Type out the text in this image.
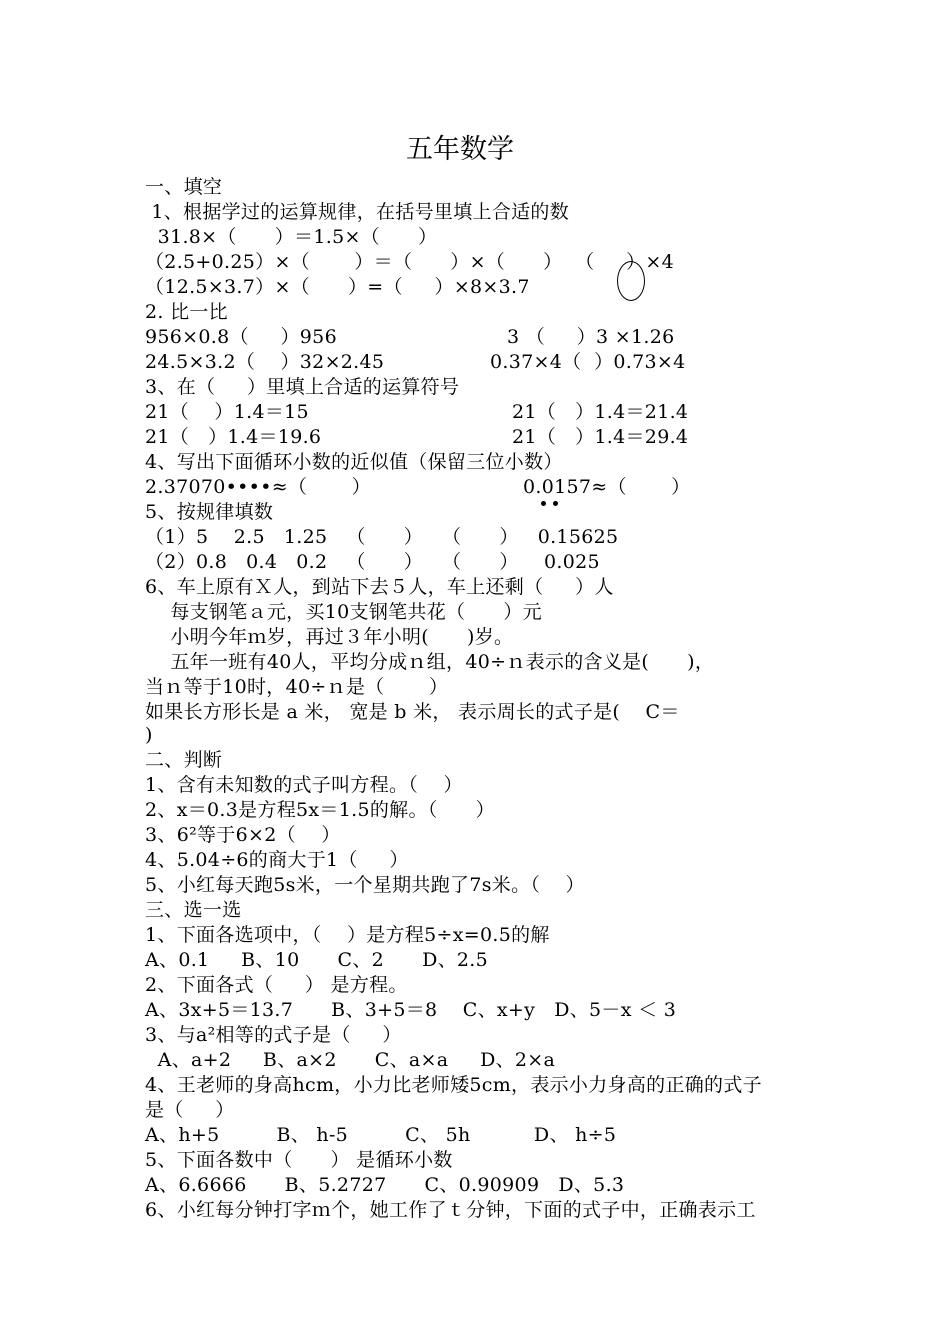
五年数学
一、填空
1、根据学过的运算规律，在括号里填上合适的数
31.8×（      ）＝1.5×（      ）
（2.5+0.25）×（       ）＝（      ）×（      ）  （     ）×4
（12.5×3.7）×（      ）=（     ）×8×3.7
2. 比一比
956×0.8（     ）956	3 （     ）3 ×1.26
24.5×3.2（    ）32×2.45	0.37×4（  ）0.73×4
3、在（     ）里填上合适的运算符号
21（    ）1.4＝15	21（   ）1.4＝21.4
21（   ）1.4＝19.6	21（   ）1.4＝29.4
4、写出下面循环小数的近似值（保留三位小数）
2.37070••••≈（       ）	0.0157≈（       ）
5、按规律填数
（1）5    2.5   1.25   （      ）   （      ）   0.15625
（2）0.8   0.4   0.2   （      ）   （      ）    0.025
6、车上原有Ｘ人，到站下去５人，车上还剩（     ）人
每支钢笔ａ元，买10支钢笔共花（      ）元
小明今年ｍ岁，再过３年小明(      )岁。
五年一班有40人，平均分成ｎ组，40÷ｎ表示的含义是(      )，
当ｎ等于10时，40÷ｎ是（       ）
如果长方形长是 a 米， 宽是 b 米， 表示周长的式子是(    C＝
)
二、判断
1、含有未知数的式子叫方程。（    ）
2、x＝0.3是方程5x＝1.5的解。（      ）
3、6²等于6×2（    ）
4、5.04÷6的商大于1（     ）
5、小红每天跑5s米，一个星期共跑了7s米。（    ）
三、选一选
1、下面各选项中，（    ）是方程5÷x=0.5的解
A、0.1     B、10      C、2      D、2.5
2、下面各式（     ） 是方程。
A、3x+5＝13.7      B、3+5＝8    C、x+y   D、5－x ＜ 3
3、与a²相等的式子是（     ）
A、a+2     B、a×2      C、a×a     D、2×a
4、王老师的身高hcm，小力比老师矮5cm，表示小力身高的正确的式子
是（     ）
A、h+5         B、 h-5         C、 5h          D、 h÷5
5、下面各数中（      ） 是循环小数
A、6.6666      B、5.2727      C、0.90909   D、5.3̇
6、小红每分钟打字ｍ个，她工作了ｔ分钟，下面的式子中，正确表示工
